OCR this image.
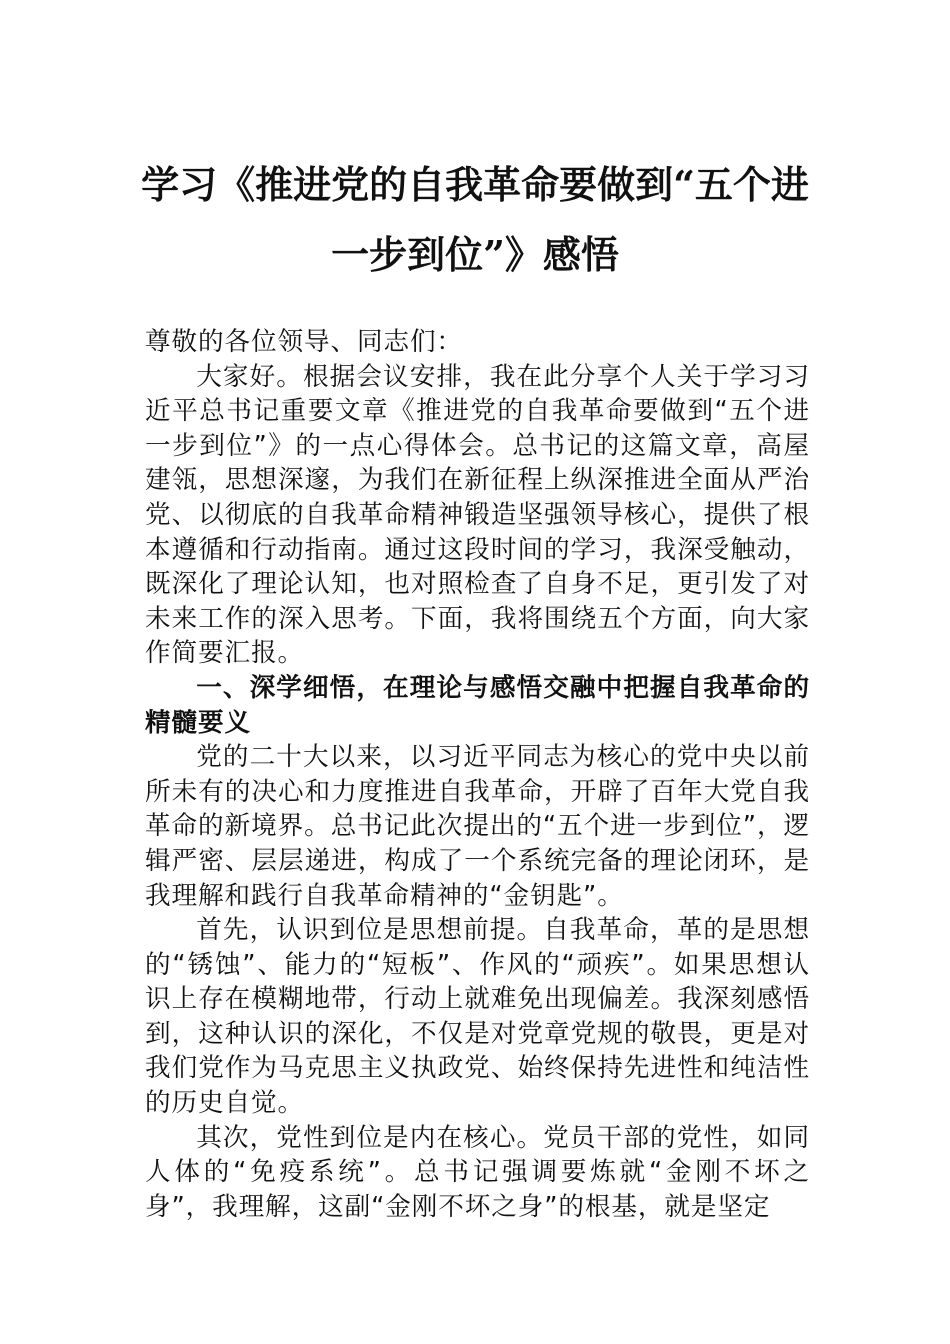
学习《推进党的自我革命要做到“五个进
一步到位”》感悟

尊敬的各位领导、同志们：

大家好。根据会议安排，我在此分享个人关于学习习近平总书记重要文章《推进党的自我革命要做到“五个进一步到位”》的一点心得体会。总书记的这篇文章，高屋建瓴，思想深邃，为我们在新征程上纵深推进全面从严治党、以彻底的自我革命精神锻造坚强领导核心，提供了根本遵循和行动指南。通过这段时间的学习，我深受触动，既深化了理论认知，也对照检查了自身不足，更引发了对未来工作的深入思考。下面，我将围绕五个方面，向大家作简要汇报。

一、深学细悟，在理论与感悟交融中把握自我革命的精髓要义

党的二十大以来，以习近平同志为核心的党中央以前所未有的决心和力度推进自我革命，开辟了百年大党自我革命的新境界。总书记此次提出的“五个进一步到位”，逻辑严密、层层递进，构成了一个系统完备的理论闭环，是我理解和践行自我革命精神的“金钥匙”。

首先，认识到位是思想前提。自我革命，革的是思想的“锈蚀”、能力的“短板”、作风的“顽疾”。如果思想认识上存在模糊地带，行动上就难免出现偏差。我深刻感悟到，这种认识的深化，不仅是对党章党规的敬畏，更是对我们党作为马克思主义执政党、始终保持先进性和纯洁性的历史自觉。

其次，党性到位是内在核心。党员干部的党性，如同人体的“免疫系统”。总书记强调要炼就“金刚不坏之身”，我理解，这副“金刚不坏之身”的根基，就是坚定
